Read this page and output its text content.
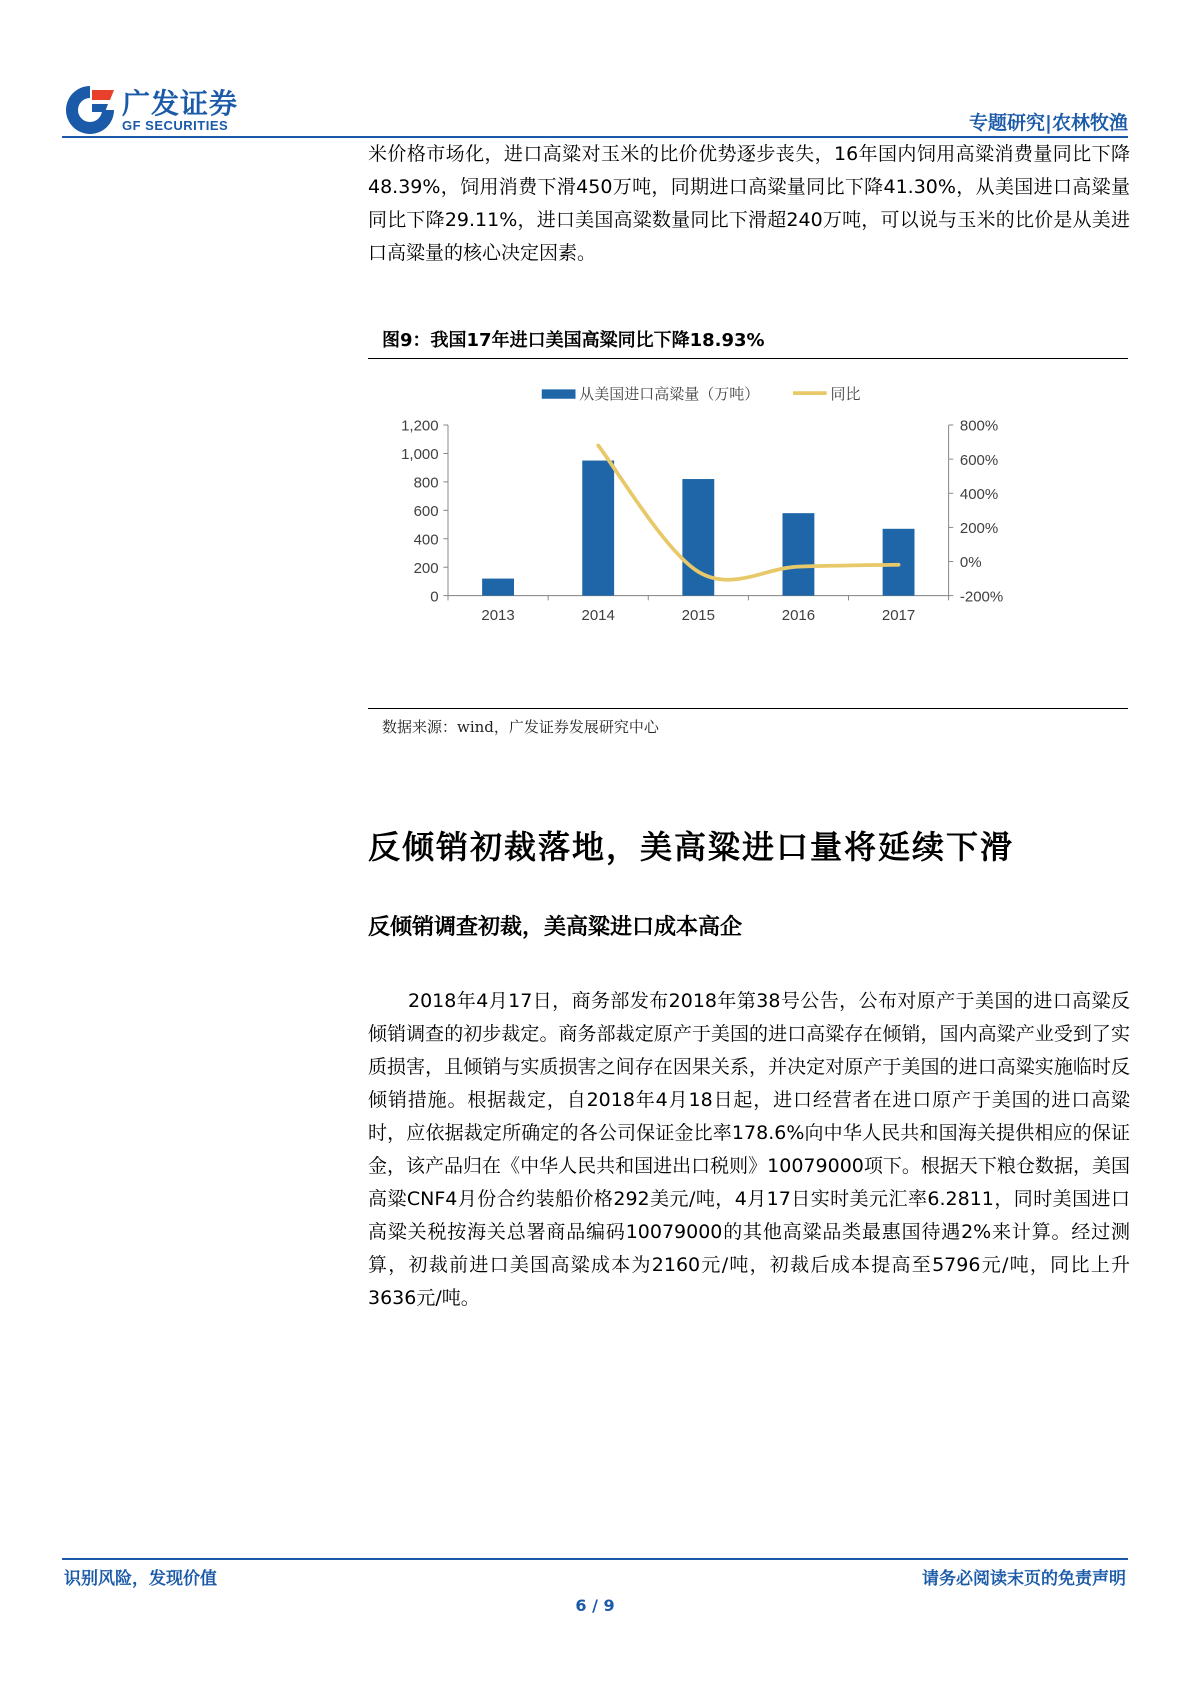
广发证券
GF SECURITIES	专题研究|农林牧渔

米价格市场化，进口高粱对玉米的比价优势逐步丧失，16年国内饲用高粱消费量同比下降48.39%，饲用消费下滑450万吨，同期进口高粱量同比下降41.30%，从美国进口高粱量同比下降29.11%，进口美国高粱数量同比下滑超240万吨，可以说与玉米的比价是从美进口高粱量的核心决定因素。

图9：我国17年进口美国高粱同比下降18.93%
从美国进口高粱量（万吨）	同比
0
200
400
600
800
1,000
1,200
-200%
0%
200%
400%
600%
800%
2013	2014	2015	2016	2017
数据来源：wind，广发证券发展研究中心
反倾销初裁落地，美高粱进口量将延续下滑
反倾销调查初裁，美高粱进口成本高企

2018年4月17日，商务部发布2018年第38号公告，公布对原产于美国的进口高粱反倾销调查的初步裁定。商务部裁定原产于美国的进口高粱存在倾销，国内高粱产业受到了实质损害，且倾销与实质损害之间存在因果关系，并决定对原产于美国的进口高粱实施临时反倾销措施。根据裁定，自2018年4月18日起，进口经营者在进口原产于美国的进口高粱时，应依据裁定所确定的各公司保证金比率178.6%向中华人民共和国海关提供相应的保证金，该产品归在《中华人民共和国进出口税则》10079000项下。根据天下粮仓数据，美国高粱CNF4月份合约装船价格292美元/吨，4月17日实时美元汇率6.2811，同时美国进口高粱关税按海关总署商品编码10079000的其他高粱品类最惠国待遇2%来计算。经过测算，初裁前进口美国高粱成本为2160元/吨，初裁后成本提高至5796元/吨，同比上升3636元/吨。

识别风险，发现价值	请务必阅读末页的免责声明
6 / 9
